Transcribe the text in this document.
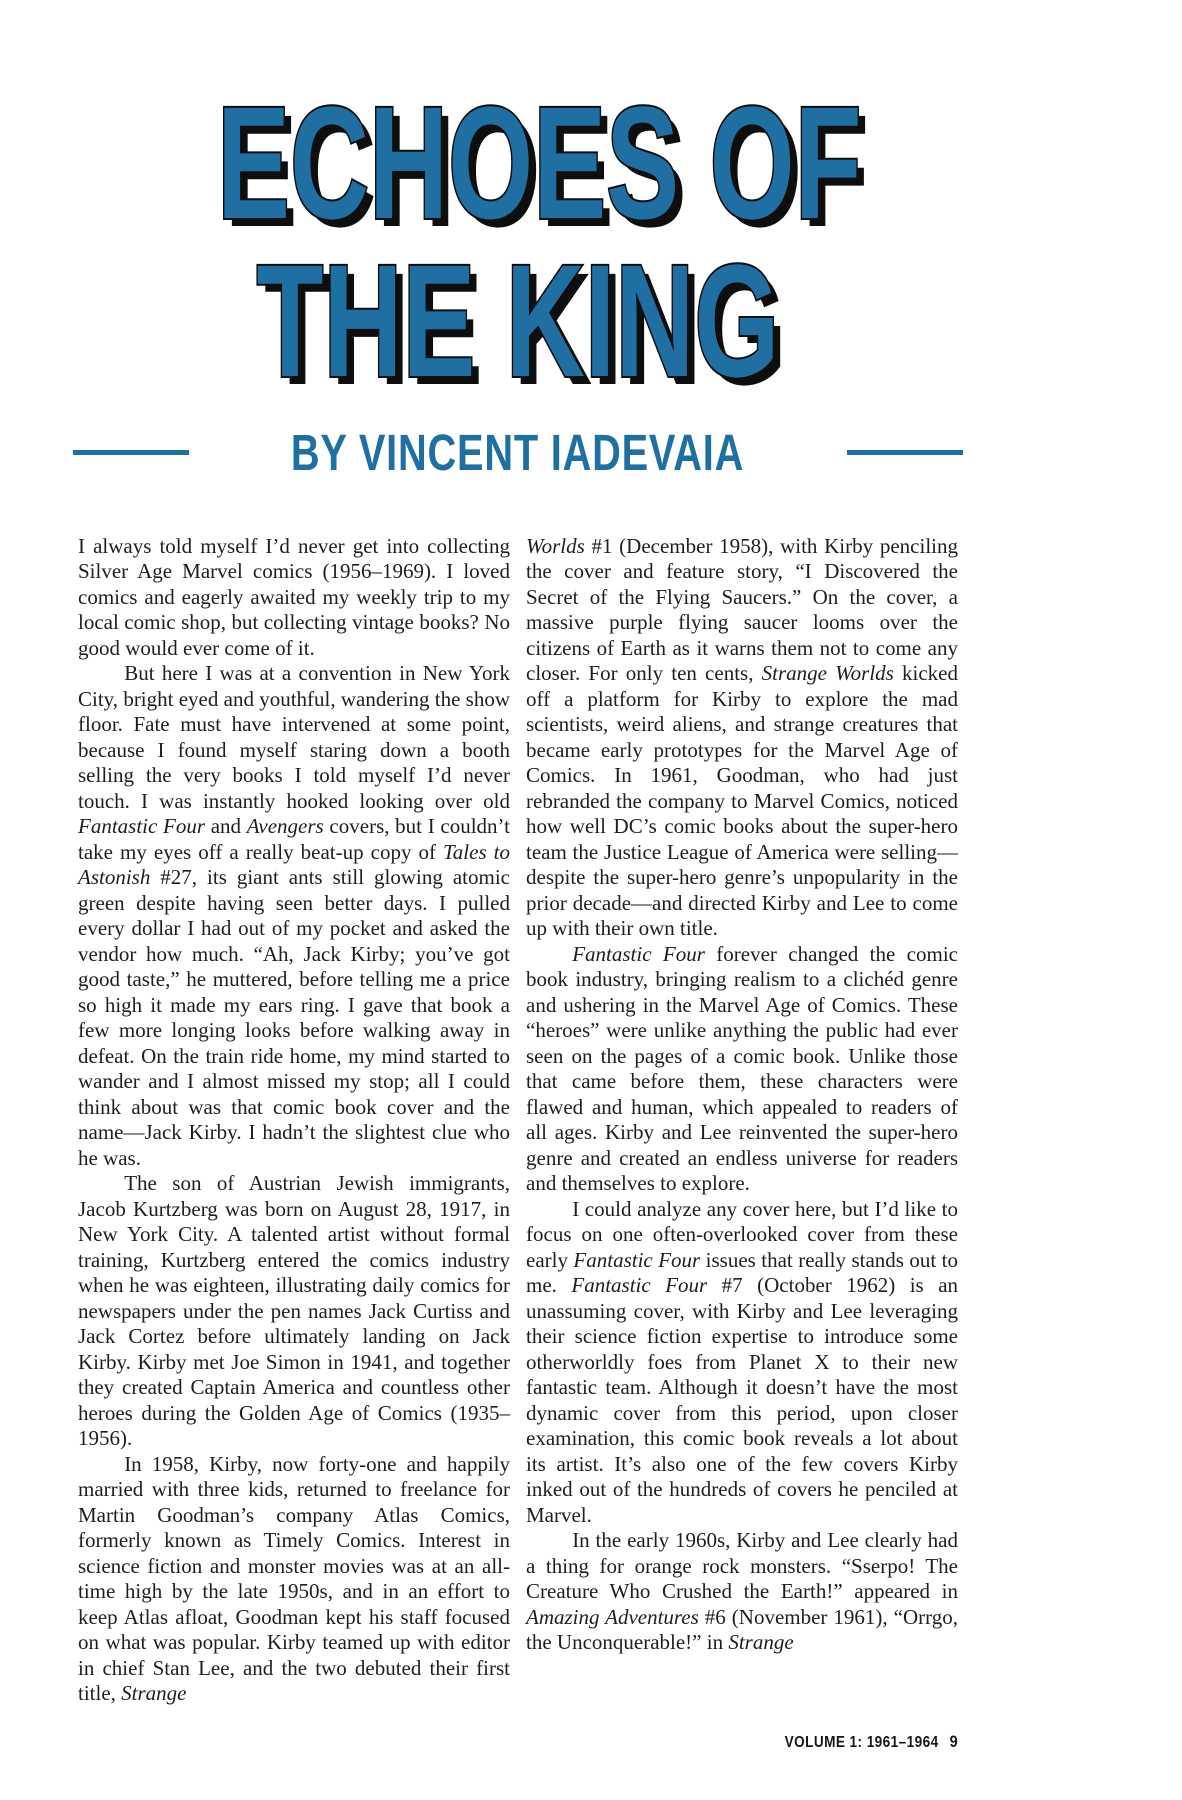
ECHOES OF
THE KING
BY VINCENT IADEVAIA

I always told myself I’d never get into collecting Silver Age Marvel comics (1956–1969). I loved comics and eagerly awaited my weekly trip to my local comic shop, but collecting vintage books? No good would ever come of it.

But here I was at a convention in New York City, bright eyed and youthful, wandering the show floor. Fate must have intervened at some point, because I found myself staring down a booth selling the very books I told myself I’d never touch. I was instantly hooked looking over old Fantastic Four and Avengers covers, but I couldn’t take my eyes off a really beat-up copy of Tales to Astonish #27, its giant ants still glowing atomic green despite having seen better days. I pulled every dollar I had out of my pocket and asked the vendor how much. “Ah, Jack Kirby; you’ve got good taste,” he muttered, before telling me a price so high it made my ears ring. I gave that book a few more longing looks before walking away in defeat. On the train ride home, my mind started to wander and I almost missed my stop; all I could think about was that comic book cover and the name—Jack Kirby. I hadn’t the slightest clue who he was.

The son of Austrian Jewish immigrants, Jacob Kurtzberg was born on August 28, 1917, in New York City. A talented artist without formal training, Kurtzberg entered the comics industry when he was eighteen, illustrating daily comics for newspapers under the pen names Jack Curtiss and Jack Cortez before ultimately landing on Jack Kirby. Kirby met Joe Simon in 1941, and together they created Captain America and countless other heroes during the Golden Age of Comics (1935–1956).

In 1958, Kirby, now forty-one and happily married with three kids, returned to freelance for Martin Goodman’s company Atlas Comics, formerly known as Timely Comics. Interest in science fiction and monster movies was at an all-time high by the late 1950s, and in an effort to keep Atlas afloat, Goodman kept his staff focused on what was popular. Kirby teamed up with editor in chief Stan Lee, and the two debuted their first title, Strange

Worlds #1 (December 1958), with Kirby penciling the cover and feature story, “I Discovered the Secret of the Flying Saucers.” On the cover, a massive purple flying saucer looms over the citizens of Earth as it warns them not to come any closer. For only ten cents, Strange Worlds kicked off a platform for Kirby to explore the mad scientists, weird aliens, and strange creatures that became early prototypes for the Marvel Age of Comics. In 1961, Goodman, who had just rebranded the company to Marvel Comics, noticed how well DC’s comic books about the super-hero team the Justice League of America were selling—despite the super-hero genre’s unpopularity in the prior decade—and directed Kirby and Lee to come up with their own title.

Fantastic Four forever changed the comic book industry, bringing realism to a clichéd genre and ushering in the Marvel Age of Comics. These “heroes” were unlike anything the public had ever seen on the pages of a comic book. Unlike those that came before them, these characters were flawed and human, which appealed to readers of all ages. Kirby and Lee reinvented the super-hero genre and created an endless universe for readers and themselves to explore.

I could analyze any cover here, but I’d like to focus on one often-overlooked cover from these early Fantastic Four issues that really stands out to me. Fantastic Four #7 (October 1962) is an unassuming cover, with Kirby and Lee leveraging their science fiction expertise to introduce some otherworldly foes from Planet X to their new fantastic team. Although it doesn’t have the most dynamic cover from this period, upon closer examination, this comic book reveals a lot about its artist. It’s also one of the few covers Kirby inked out of the hundreds of covers he penciled at Marvel.

In the early 1960s, Kirby and Lee clearly had a thing for orange rock monsters. “Sserpo! The Creature Who Crushed the Earth!” appeared in Amazing Adventures #6 (November 1961), “Orrgo, the Unconquerable!” in Strange

VOLUME 1: 1961–1964 9
